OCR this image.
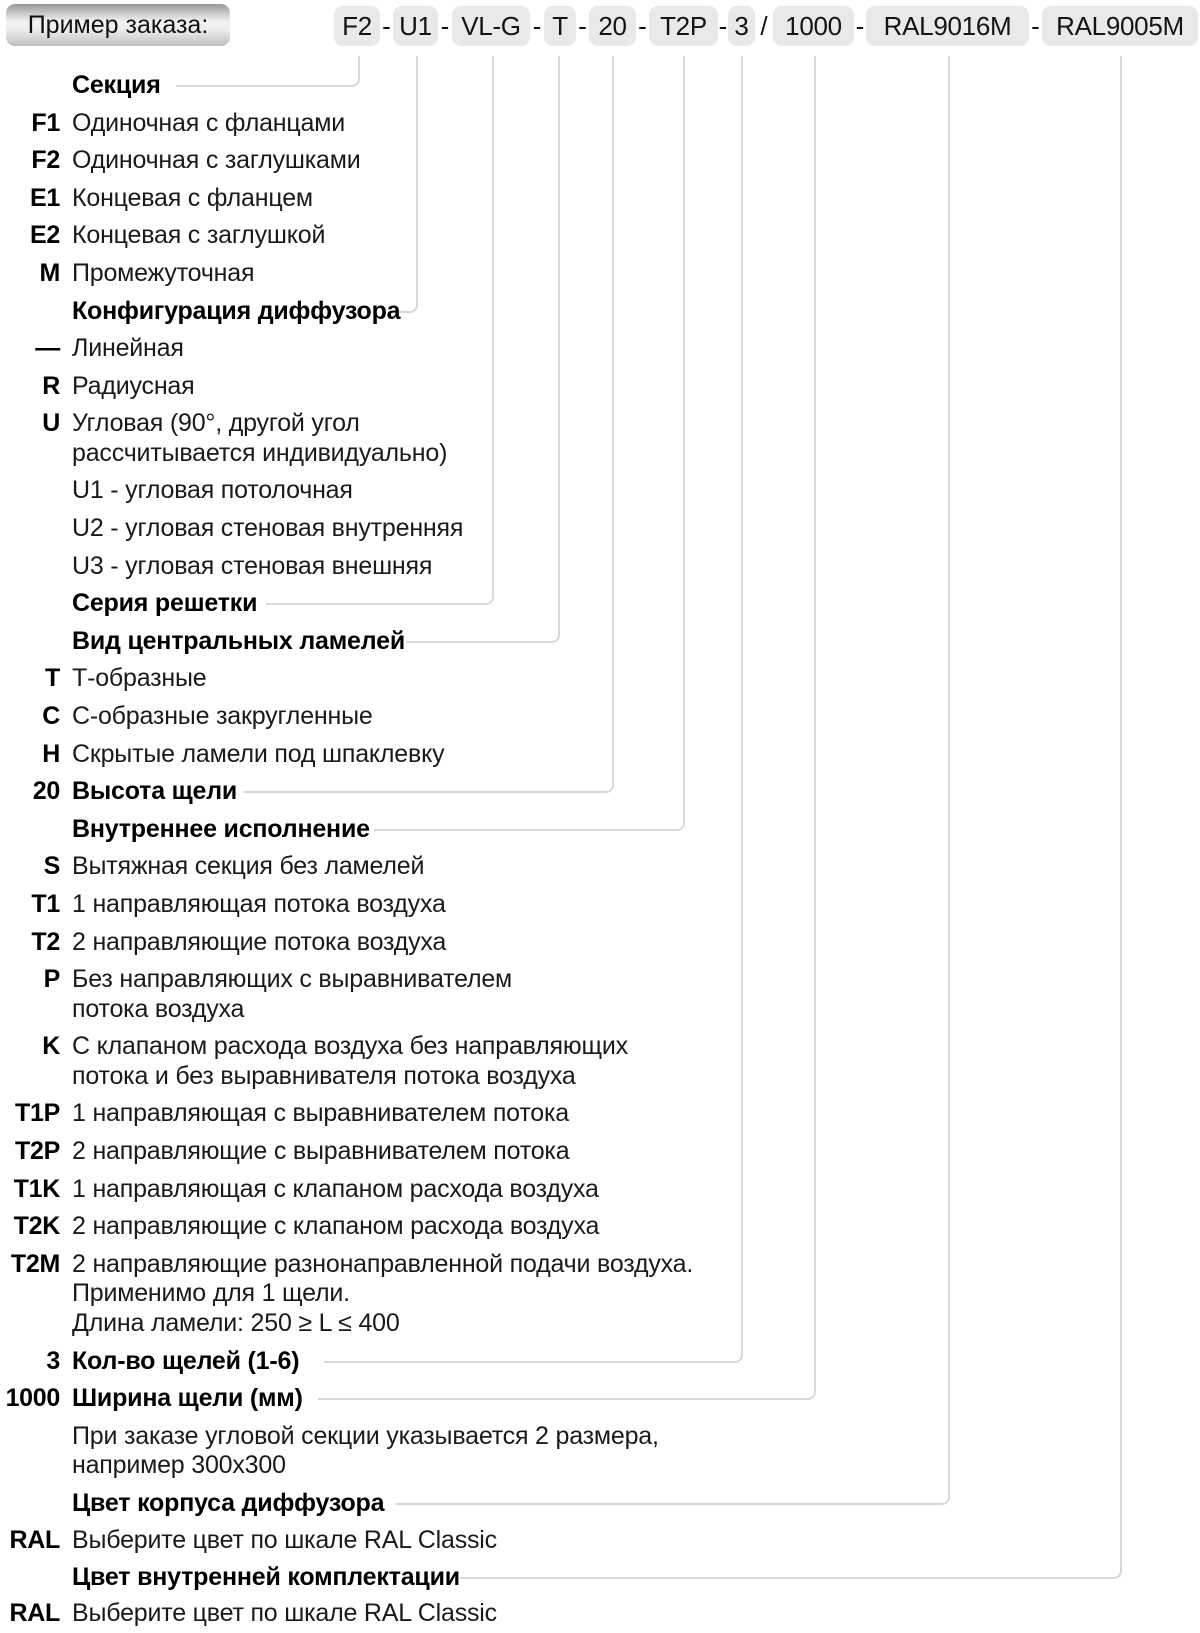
Пример заказа:	F2 - U1 - VL-G - T - 20 - T2P - 3 / 1000 - RAL9016M - RAL9005M
Секция
F1 Одиночная с фланцами
F2 Одиночная с заглушками
E1 Концевая с фланцем
E2 Концевая с заглушкой
M Промежуточная
Конфигурация диффузора
— Линейная
R Радиусная
U Угловая (90°, другой угол
рассчитывается индивидуально)
U1 - угловая потолочная
U2 - угловая стеновая внутренняя
U3 - угловая стеновая внешняя
Серия решетки
Вид центральных ламелей
T Т-образные
C С-образные закругленные
H Скрытые ламели под шпаклевку
20 Высота щели
Внутреннее исполнение
S Вытяжная секция без ламелей
T1 1 направляющая потока воздуха
T2 2 направляющие потока воздуха
P Без направляющих с выравнивателем
потока воздуха
K С клапаном расхода воздуха без направляющих
потока и без выравнивателя потока воздуха
T1P 1 направляющая с выравнивателем потока
T2P 2 направляющие с выравнивателем потока
T1K 1 направляющая с клапаном расхода воздуха
T2K 2 направляющие с клапаном расхода воздуха
T2M 2 направляющие разнонаправленной подачи воздуха.
Применимо для 1 щели.
Длина ламели: 250 ≥ L ≤ 400
3 Кол-во щелей (1-6)
1000 Ширина щели (мм)
При заказе угловой секции указывается 2 размера,
например 300x300
Цвет корпуса диффузора
RAL Выберите цвет по шкале RAL Classic
Цвет внутренней комплектации
RAL Выберите цвет по шкале RAL Classic
